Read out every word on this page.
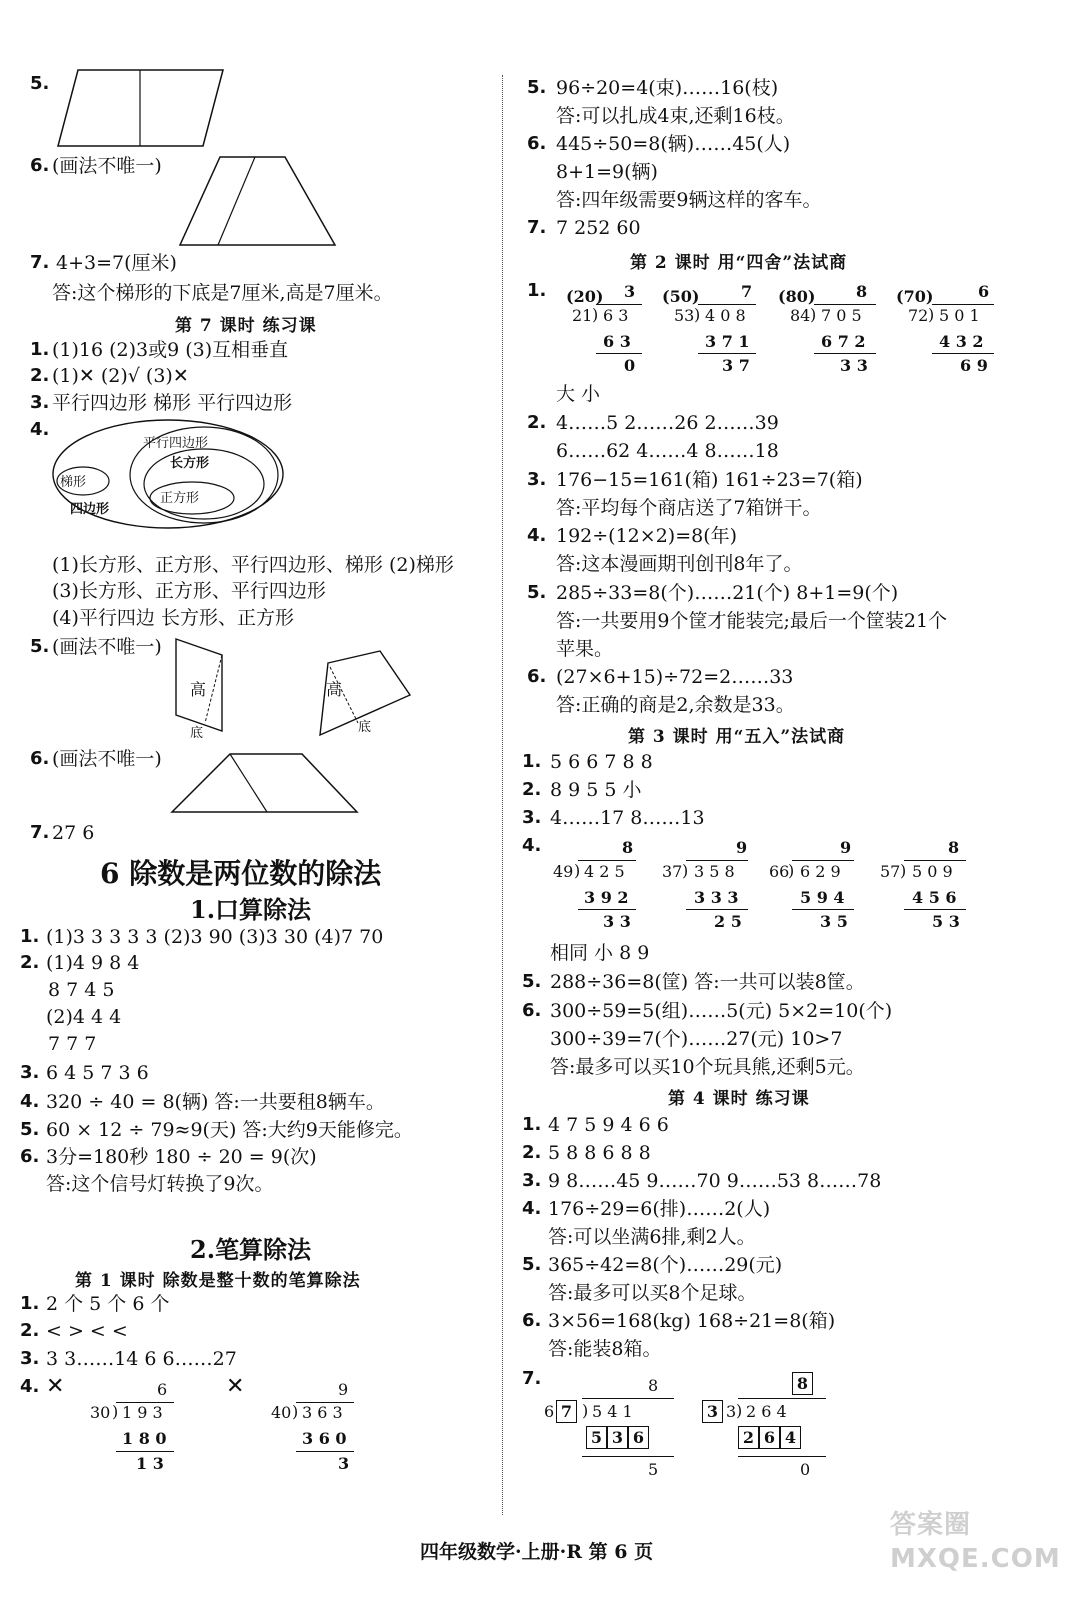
5.
6. (画法不唯一)
7. 4+3=7(厘米)
答:这个梯形的下底是7厘米,高是7厘米。
第 7 课时 练习课
1. (1)16 (2)3或9 (3)互相垂直
2. (1)✕ (2)√ (3)✕
3. 平行四边形 梯形 平行四边形
4.
梯形
四边形
平行四边形
长方形
正方形
(1)长方形、正方形、平行四边形、梯形 (2)梯形
(3)长方形、正方形、平行四边形
(4)平行四边 长方形、正方形
5. (画法不唯一)
高
底
高
底
6. (画法不唯一)
7. 27 6
6 除数是两位数的除法
1.口算除法
1. (1)3 3 3 3 3 (2)3 90 (3)3 30 (4)7 70
2. (1)4 9 8 4
8 7 4 5
(2)4 4 4
7 7 7
3. 6 4 5 7 3 6
4. 320 ÷ 40 = 8(辆) 答:一共要租8辆车。
5. 60 × 12 ÷ 79≈9(天) 答:大约9天能修完。
6. 3分=180秒 180 ÷ 20 = 9(次)
答:这个信号灯转换了9次。
2.笔算除法
第 1 课时 除数是整十数的笔算除法
1. 2 个 5 个 6 个
2. < > < <
3. 3 3……14 6 6……27
4. ✕	✕
6
30 ) 1 9 3
1 8 0
1 3
9
40 ) 3 6 3
3 6 0
3
5. 96÷20=4(束)……16(枝)
答:可以扎成4束,还剩16枝。
6. 445÷50=8(辆)……45(人)
8+1=9(辆)
答:四年级需要9辆这样的客车。
7. 7 252 60
第 2 课时 用“四舍”法试商
1. (20) 3
21 ) 6 3
6 3
0
(50)	7
53 ) 4 0 8
3 7 1
3 7
(80)	8
84 ) 7 0 5
6 7 2
3 3
(70)	6
72 ) 5 0 1
4 3 2
6 9
大 小
2. 4……5 2……26 2……39
6……62 4……4 8……18
3. 176−15=161(箱) 161÷23=7(箱)
答:平均每个商店送了7箱饼干。
4. 192÷(12×2)=8(年)
答:这本漫画期刊创刊8年了。
5. 285÷33=8(个)……21(个) 8+1=9(个)
答:一共要用9个筐才能装完;最后一个筐装21个
苹果。
6. (27×6+15)÷72=2……33
答:正确的商是2,余数是33。
第 3 课时 用“五入”法试商
1. 5 6 6 7 8 8
2. 8 9 5 5 小
3. 4……17 8……13
4.	8
49 ) 4 2 5
3 9 2
3 3
9
37 ) 3 5 8
3 3 3
2 5
9
66
) 6 2 9
5 9 4
3 5
8
57 ) 5 0 9
4 5 6
5 3
相同 小 8 9
5. 288÷36=8(筐) 答:一共可以装8筐。
6. 300÷59=5(组)……5(元) 5×2=10(个)
300÷39=7(个)……27(元) 10>7
答:最多可以买10个玩具熊,还剩5元。
第 4 课时 练习课
1. 4 7 5 9 4 6 6
2. 5 8 8 6 8 8
3. 9 8……45 9……70 9……53 8……78
4. 176÷29=6(排)……2(人)
答:可以坐满6排,剩2人。
5. 365÷42=8(个)……29(元)
答:最多可以买8个足球。
6. 3×56=168(kg) 168÷21=8(箱)
答:能装8箱。
7.	8
6 7 ) 5 4 1
5 3 6
5
8
3 3 ) 2 6 4
2 6 4
0
四年级数学·上册·R 第 6 页
答案圈 MXQE.COM
